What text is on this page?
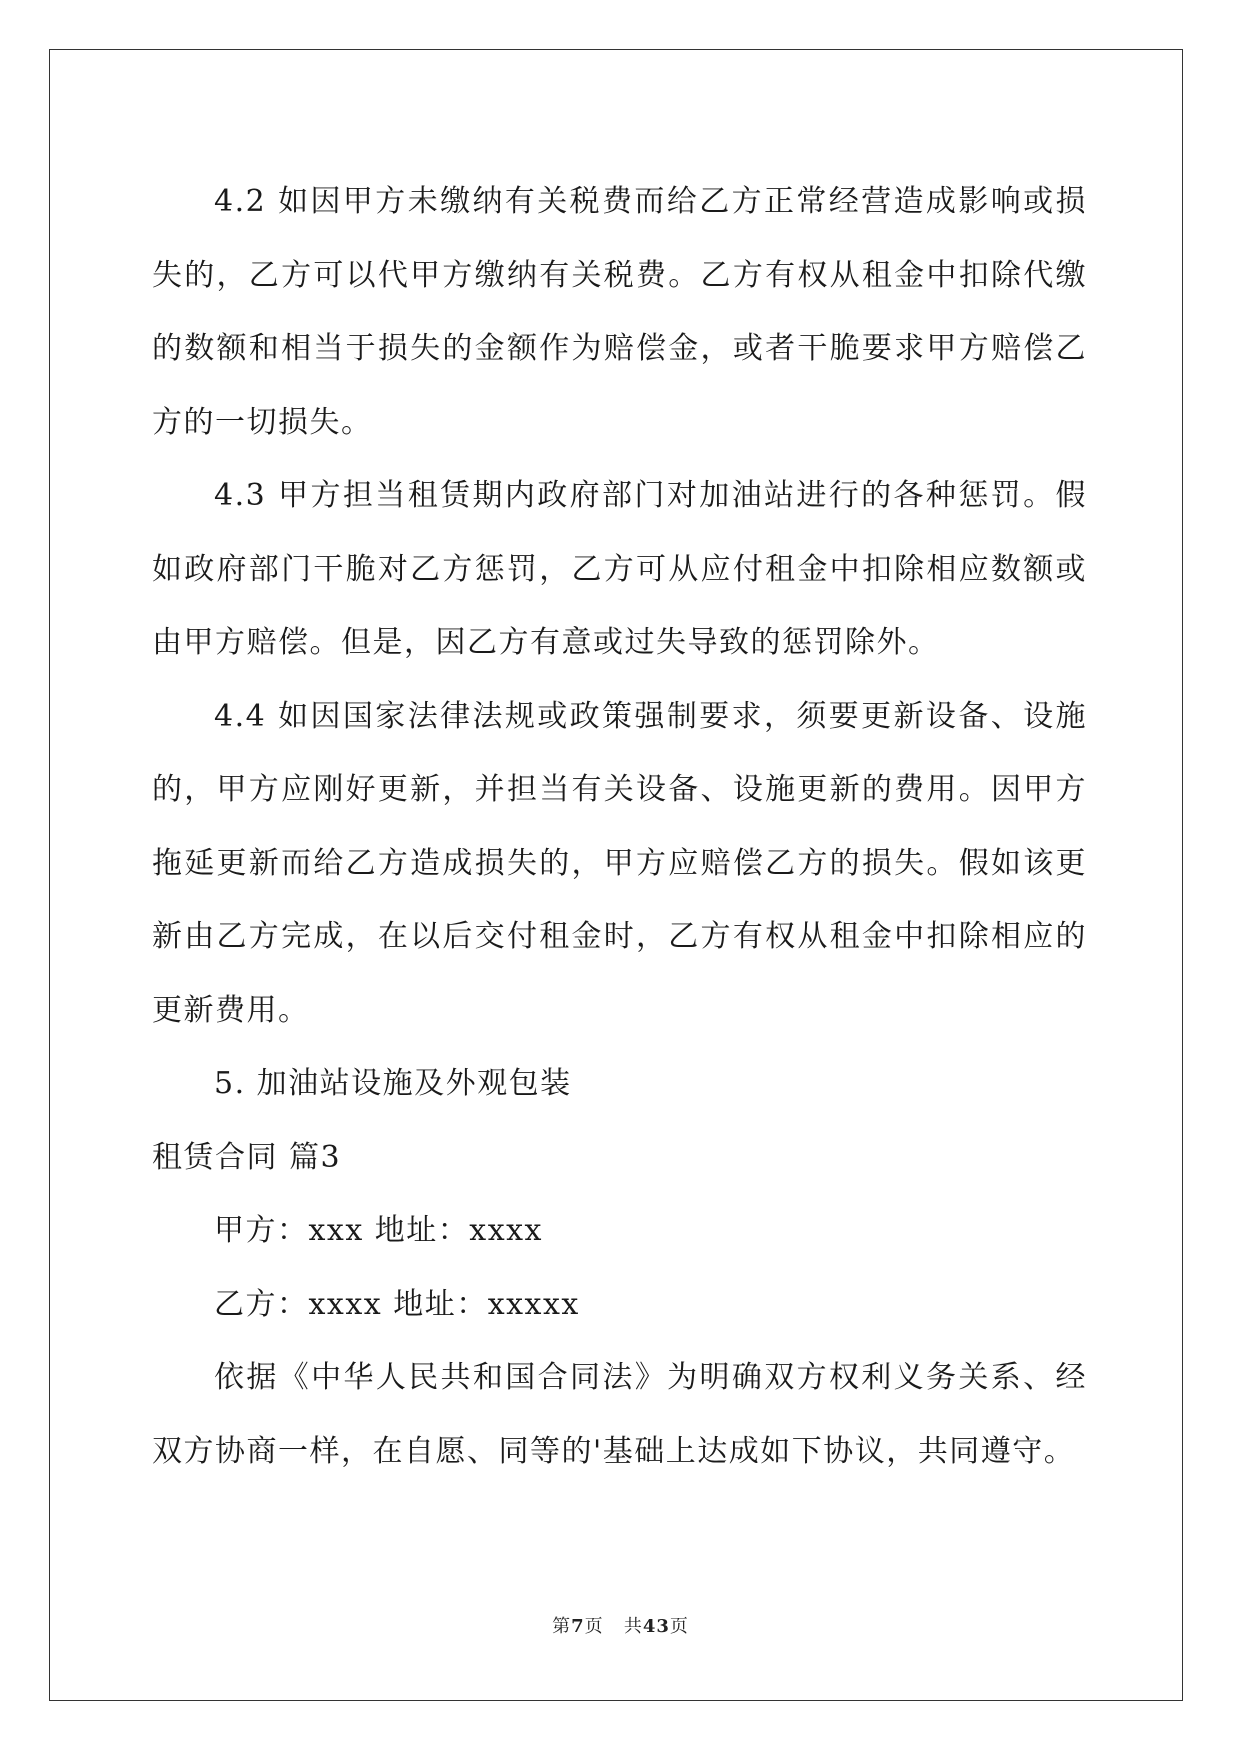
4.2 如因甲方未缴纳有关税费而给乙方正常经营造成影响或损失的，乙方可以代甲方缴纳有关税费。乙方有权从租金中扣除代缴的数额和相当于损失的金额作为赔偿金，或者干脆要求甲方赔偿乙方的一切损失。

4.3 甲方担当租赁期内政府部门对加油站进行的各种惩罚。假如政府部门干脆对乙方惩罚，乙方可从应付租金中扣除相应数额或由甲方赔偿。但是，因乙方有意或过失导致的惩罚除外。

4.4 如因国家法律法规或政策强制要求，须要更新设备、设施的，甲方应刚好更新，并担当有关设备、设施更新的费用。因甲方拖延更新而给乙方造成损失的，甲方应赔偿乙方的损失。假如该更新由乙方完成，在以后交付租金时，乙方有权从租金中扣除相应的更新费用。

5. 加油站设施及外观包装

租赁合同 篇3

甲方：xxx 地址：xxxx

乙方：xxxx 地址：xxxxx

依据《中华人民共和国合同法》为明确双方权利义务关系、经双方协商一样，在自愿、同等的'基础上达成如下协议，共同遵守。

第7页 共43页
